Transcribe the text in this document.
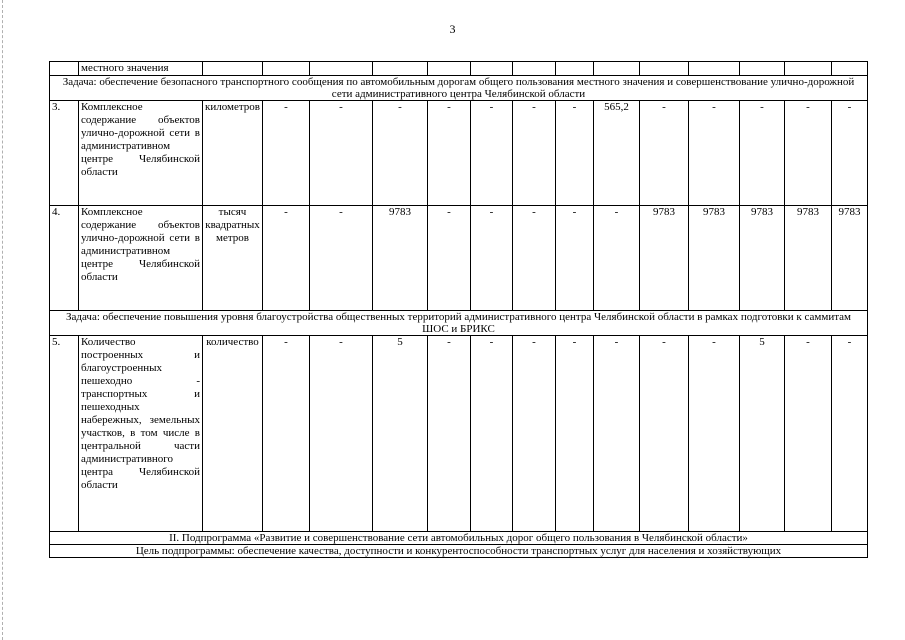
3
	местного значения														
Задача: обеспечение безопасного транспортного сообщения по автомобильным дорогам общего пользования местного значения и совершенствование улично-дорожной сети административного центра Челябинской области															
3.	Комплексное содержание объектов улично-дорожной сети в административном центре Челябинской области	километров	-	-	-	-	-	-	-	565,2	-	-	-	-	-
4.	Комплексное содержание объектов улично-дорожной сети в административном центре Челябинской области	тысяч квадратных метров	-	-	9783	-	-	-	-	-	9783	9783	9783	9783	9783
Задача: обеспечение повышения уровня благоустройства общественных территорий административного центра Челябинской области в рамках подготовки к саммитам ШОС и БРИКС															
5.	Количество построенных и благоустроенных пешеходно - транспортных и пешеходных набережных, земельных участков, в том числе в центральной части административного центра Челябинской области	количество	-	-	5	-	-	-	-	-	-	-	5	-	-
II. Подпрограмма «Развитие и совершенствование сети автомобильных дорог общего пользования в Челябинской области»															
Цель подпрограммы: обеспечение качества, доступности и конкурентоспособности транспортных услуг для населения и хозяйствующих															
